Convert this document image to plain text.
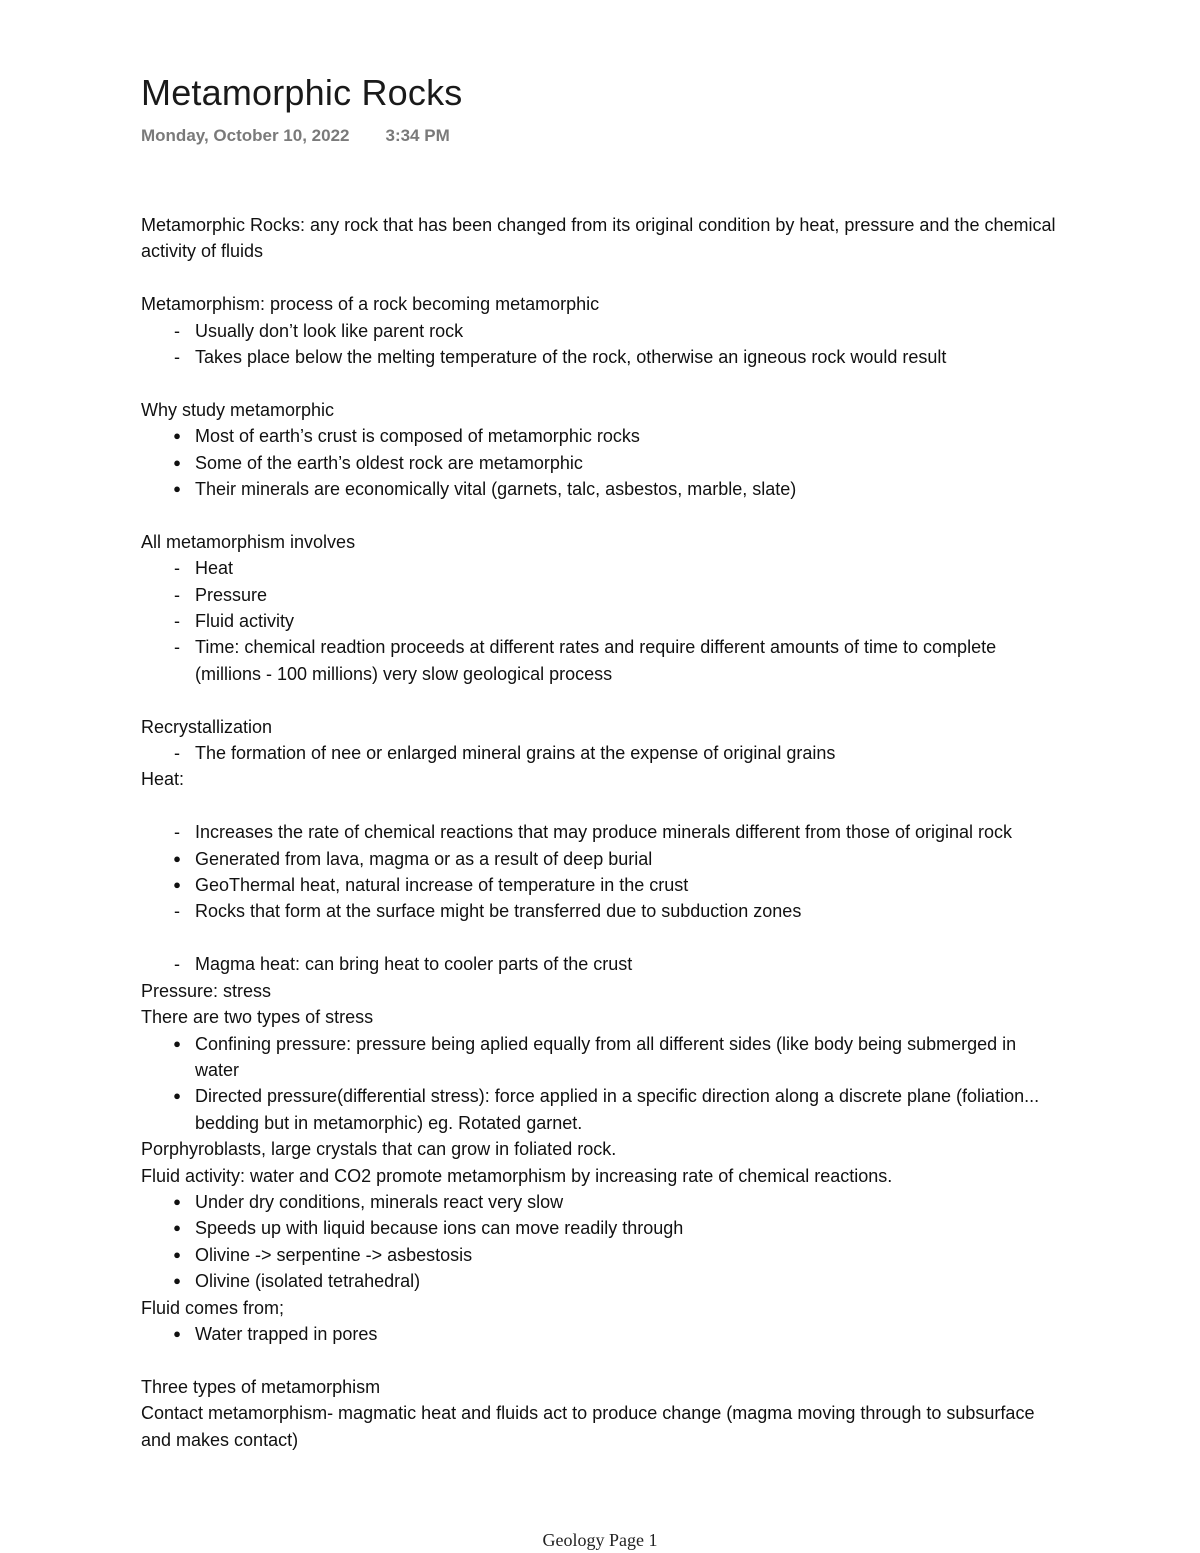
Metamorphic Rocks
Monday, October 10, 2022 3:34 PM

Metamorphic Rocks: any rock that has been changed from its original condition by heat, pressure and the chemical activity of fluids

Metamorphism: process of a rock becoming metamorphic

- Usually don’t look like parent rock
- Takes place below the melting temperature of the rock, otherwise an igneous rock would result

Why study metamorphic

● Most of earth’s crust is composed of metamorphic rocks
● Some of the earth’s oldest rock are metamorphic
● Their minerals are economically vital (garnets, talc, asbestos, marble, slate)

All metamorphism involves

- Heat
- Pressure
- Fluid activity
- Time: chemical readtion proceeds at different rates and require different amounts of time to complete (millions - 100 millions) very slow geological process

Recrystallization

- The formation of nee or enlarged mineral grains at the expense of original grains

Heat:

- Increases the rate of chemical reactions that may produce minerals different from those of original rock
● Generated from lava, magma or as a result of deep burial
● GeoThermal heat, natural increase of temperature in the crust
- Rocks that form at the surface might be transferred due to subduction zones
- Magma heat: can bring heat to cooler parts of the crust

Pressure: stress

There are two types of stress

● Confining pressure: pressure being aplied equally from all different sides (like body being submerged in water
● Directed pressure(differential stress): force applied in a specific direction along a discrete plane (foliation... bedding but in metamorphic) eg. Rotated garnet.

Porphyroblasts, large crystals that can grow in foliated rock.

Fluid activity: water and CO2 promote metamorphism by increasing rate of chemical reactions.

● Under dry conditions, minerals react very slow
● Speeds up with liquid because ions can move readily through
● Olivine -> serpentine -> asbestosis
● Olivine (isolated tetrahedral)

Fluid comes from;

● Water trapped in pores

Three types of metamorphism

Contact metamorphism- magmatic heat and fluids act to produce change (magma moving through to subsurface and makes contact)

Geology Page 1
